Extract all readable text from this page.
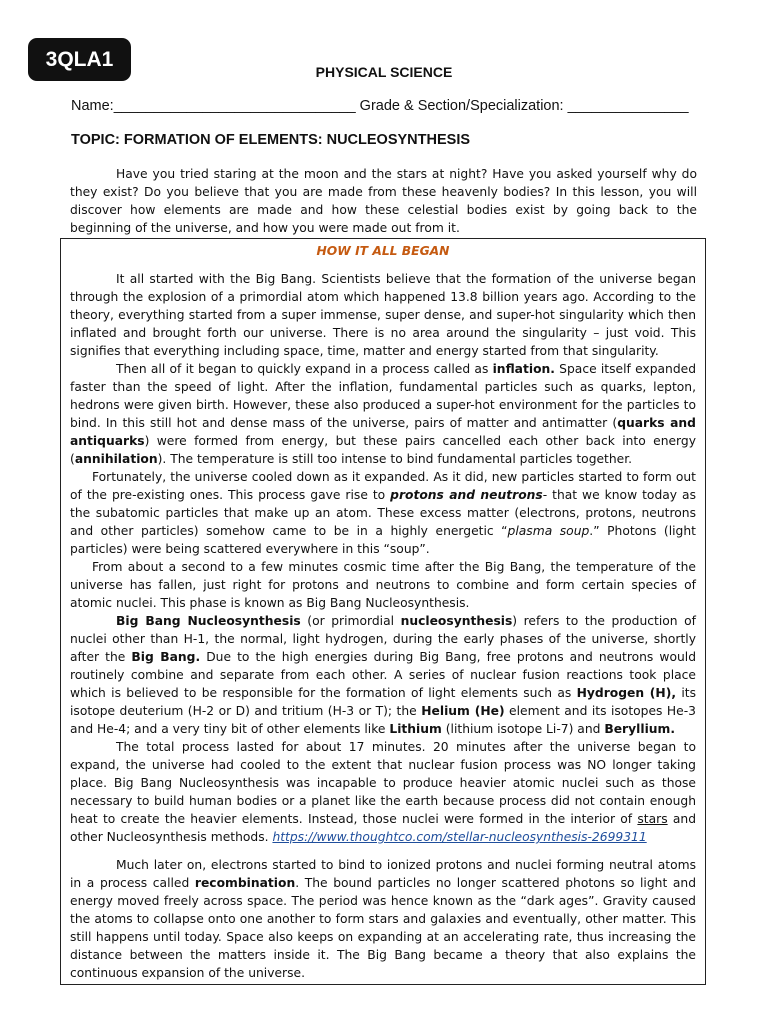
3QLA1
PHYSICAL SCIENCE
Name:______________________________ Grade & Section/Specialization: _______________
TOPIC: FORMATION OF ELEMENTS: NUCLEOSYNTHESIS

Have you tried staring at the moon and the stars at night? Have you asked yourself why do they exist? Do you believe that you are made from these heavenly bodies? In this lesson, you will discover how elements are made and how these celestial bodies exist by going back to the beginning of the universe, and how you were made out from it.

HOW IT ALL BEGAN

It all started with the Big Bang. Scientists believe that the formation of the universe began through the explosion of a primordial atom which happened 13.8 billion years ago. According to the theory, everything started from a super immense, super dense, and super-hot singularity which then inflated and brought forth our universe. There is no area around the singularity – just void. This signifies that everything including space, time, matter and energy started from that singularity.

Then all of it began to quickly expand in a process called as inflation. Space itself expanded faster than the speed of light. After the inflation, fundamental particles such as quarks, lepton, hedrons were given birth. However, these also produced a super-hot environment for the particles to bind. In this still hot and dense mass of the universe, pairs of matter and antimatter (quarks and antiquarks) were formed from energy, but these pairs cancelled each other back into energy (annihilation). The temperature is still too intense to bind fundamental particles together.

Fortunately, the universe cooled down as it expanded. As it did, new particles started to form out of the pre-existing ones. This process gave rise to protons and neutrons- that we know today as the subatomic particles that make up an atom. These excess matter (electrons, protons, neutrons and other particles) somehow came to be in a highly energetic “plasma soup.” Photons (light particles) were being scattered everywhere in this “soup”.

From about a second to a few minutes cosmic time after the Big Bang, the temperature of the universe has fallen, just right for protons and neutrons to combine and form certain species of atomic nuclei. This phase is known as Big Bang Nucleosynthesis.

Big Bang Nucleosynthesis (or primordial nucleosynthesis) refers to the production of nuclei other than H-1, the normal, light hydrogen, during the early phases of the universe, shortly after the Big Bang. Due to the high energies during Big Bang, free protons and neutrons would routinely combine and separate from each other. A series of nuclear fusion reactions took place which is believed to be responsible for the formation of light elements such as Hydrogen (H), its isotope deuterium (H-2 or D) and tritium (H-3 or T); the Helium (He) element and its isotopes He-3 and He-4; and a very tiny bit of other elements like Lithium (lithium isotope Li-7) and Beryllium.

The total process lasted for about 17 minutes. 20 minutes after the universe began to expand, the universe had cooled to the extent that nuclear fusion process was NO longer taking place. Big Bang Nucleosynthesis was incapable to produce heavier atomic nuclei such as those necessary to build human bodies or a planet like the earth because process did not contain enough heat to create the heavier elements. Instead, those nuclei were formed in the interior of stars and other Nucleosynthesis methods. https://www.thoughtco.com/stellar-nucleosynthesis-2699311

Much later on, electrons started to bind to ionized protons and nuclei forming neutral atoms in a process called recombination. The bound particles no longer scattered photons so light and energy moved freely across space. The period was hence known as the “dark ages”. Gravity caused the atoms to collapse onto one another to form stars and galaxies and eventually, other matter. This still happens until today. Space also keeps on expanding at an accelerating rate, thus increasing the distance between the matters inside it. The Big Bang became a theory that also explains the continuous expansion of the universe.
